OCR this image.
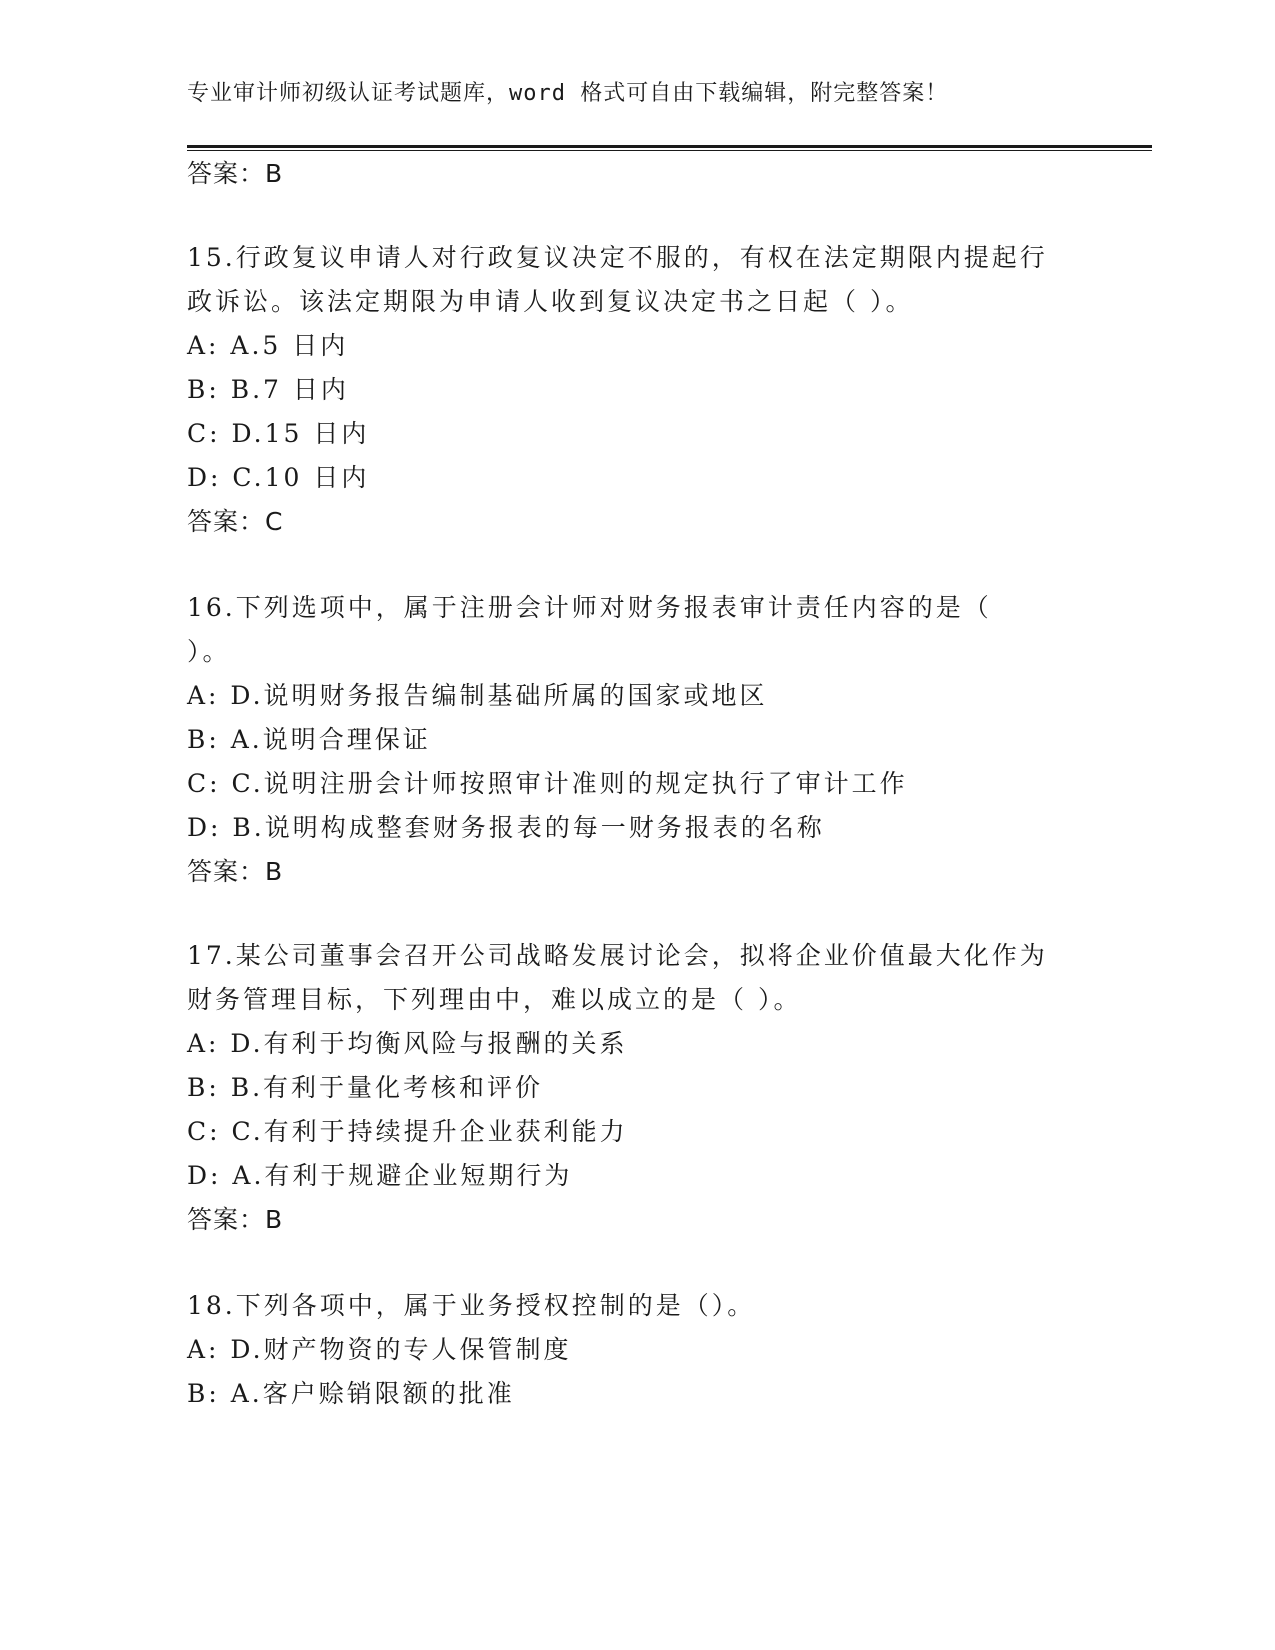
专业审计师初级认证考试题库，word 格式可自由下载编辑，附完整答案！
答案：B
15.行政复议申请人对行政复议决定不服的，有权在法定期限内提起行
政诉讼。该法定期限为申请人收到复议决定书之日起（ ）。
A: A.5 日内
B: B.7 日内
C: D.15 日内
D: C.10 日内
答案：C
16.下列选项中，属于注册会计师对财务报表审计责任内容的是（
）。
A: D.说明财务报告编制基础所属的国家或地区
B: A.说明合理保证
C: C.说明注册会计师按照审计准则的规定执行了审计工作
D: B.说明构成整套财务报表的每一财务报表的名称
答案：B
17.某公司董事会召开公司战略发展讨论会，拟将企业价值最大化作为
财务管理目标，下列理由中，难以成立的是（ ）。
A: D.有利于均衡风险与报酬的关系
B: B.有利于量化考核和评价
C: C.有利于持续提升企业获利能力
D: A.有利于规避企业短期行为
答案：B
18.下列各项中，属于业务授权控制的是（）。
A: D.财产物资的专人保管制度
B: A.客户赊销限额的批准
